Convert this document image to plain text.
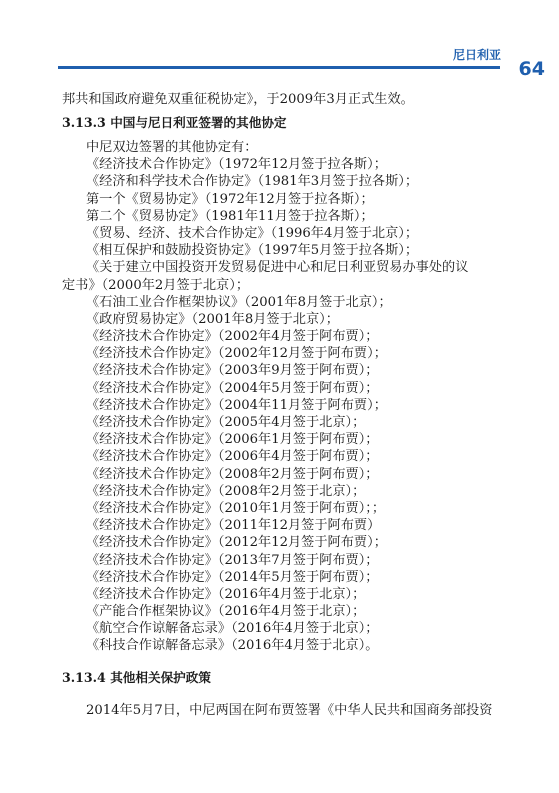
尼日利亚
64
邦共和国政府避免双重征税协定》，于2009年3月正式生效。
3.13.3 中国与尼日利亚签署的其他协定
中尼双边签署的其他协定有：
《经济技术合作协定》（1972年12月签于拉各斯）；
《经济和科学技术合作协定》（1981年3月签于拉各斯）；
第一个《贸易协定》（1972年12月签于拉各斯）；
第二个《贸易协定》（1981年11月签于拉各斯）；
《贸易、经济、技术合作协定》（1996年4月签于北京）；
《相互保护和鼓励投资协定》（1997年5月签于拉各斯）；
《关于建立中国投资开发贸易促进中心和尼日利亚贸易办事处的议
定书》（2000年2月签于北京）；
《石油工业合作框架协议》（2001年8月签于北京）；
《政府贸易协定》（2001年8月签于北京）；
《经济技术合作协定》（2002年4月签于阿布贾）；
《经济技术合作协定》（2002年12月签于阿布贾）；
《经济技术合作协定》（2003年9月签于阿布贾）；
《经济技术合作协定》（2004年5月签于阿布贾）；
《经济技术合作协定》（2004年11月签于阿布贾）；
《经济技术合作协定》（2005年4月签于北京）；
《经济技术合作协定》（2006年1月签于阿布贾）；
《经济技术合作协定》（2006年4月签于阿布贾）；
《经济技术合作协定》（2008年2月签于阿布贾）；
《经济技术合作协定》（2008年2月签于北京）；
《经济技术合作协定》（2010年1月签于阿布贾）；；
《经济技术合作协定》（2011年12月签于阿布贾）
《经济技术合作协定》（2012年12月签于阿布贾）；
《经济技术合作协定》（2013年7月签于阿布贾）；
《经济技术合作协定》（2014年5月签于阿布贾）；
《经济技术合作协定》（2016年4月签于北京）；
《产能合作框架协议》（2016年4月签于北京）；
《航空合作谅解备忘录》（2016年4月签于北京）；
《科技合作谅解备忘录》（2016年4月签于北京）。
3.13.4 其他相关保护政策
2014年5月7日，中尼两国在阿布贾签署《中华人民共和国商务部投资
